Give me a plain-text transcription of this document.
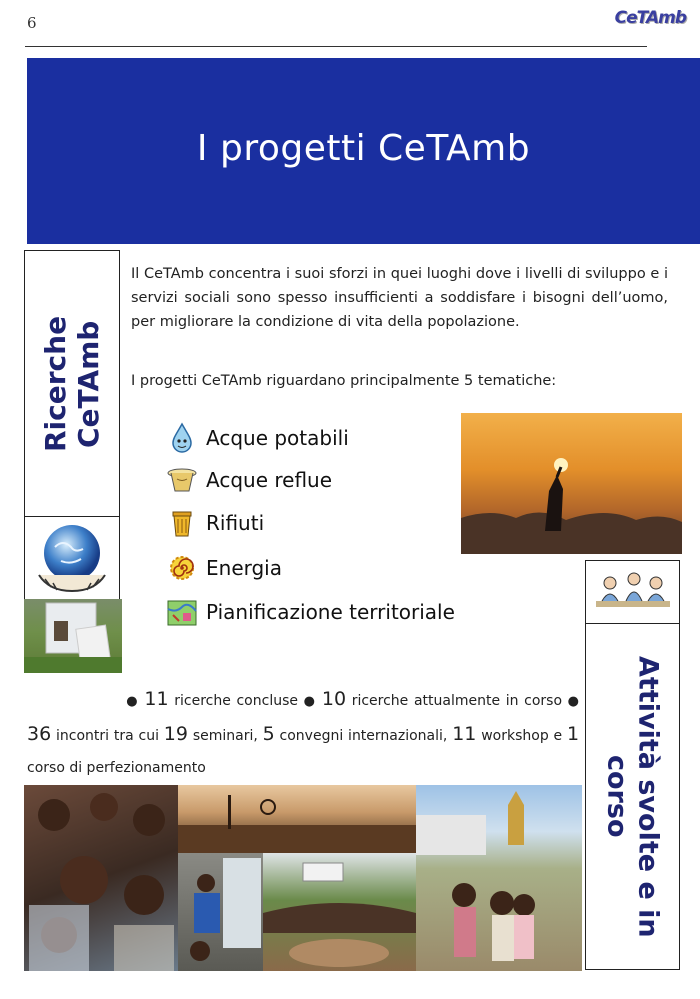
6	CeTAmb
I progetti CeTAmb
Ricerche CeTAmb
Il CeTAmb concentra i suoi sforzi in quei luoghi dove i livelli di sviluppo e i servizi sociali sono spesso insufficienti a soddisfare i bisogni dell’uomo, per migliorare la condizione di vita della popolazione.
I progetti CeTAmb riguardano principalmente 5 tematiche:
Acque potabili
Acque reflue
Rifiuti
Energia
Pianificazione territoriale
Attività svolte e in corso
● 11 ricerche concluse ● 10 ricerche attualmente in corso ● 36 incontri tra cui 19 seminari, 5 convegni internazionali, 11 workshop e 1 corso di perfezionamento
